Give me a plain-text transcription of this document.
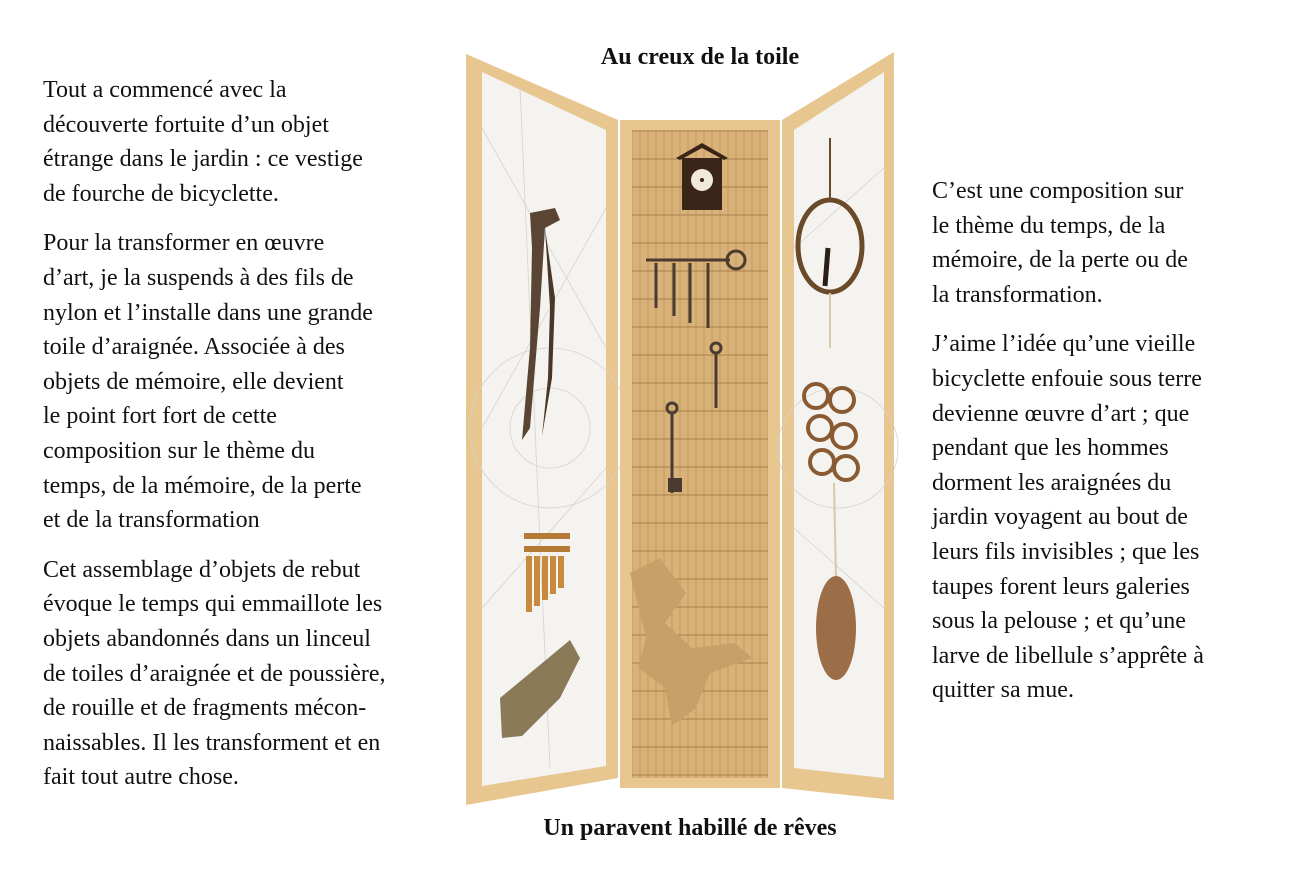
Tout a commencé avec la
découverte fortuite d’un objet
étrange dans le jardin : ce vestige
de fourche de bicyclette.

Pour la transformer en œuvre
d’art, je la suspends à des fils de
nylon et l’installe dans une grande
toile d’araignée. Associée à des
objets de mémoire, elle devient
le point fort fort de cette
composition sur le thème du
temps, de la mémoire, de la perte
et de la transformation

Cet assemblage d’objets de rebut
évoque le temps qui emmaillote les
objets abandonnés dans un linceul
de toiles d’araignée et de poussière,
de rouille et de fragments mécon-
naissables. Il les transforment et en
fait tout autre chose.

Au creux de la toile
Un paravent habillé de rêves

C’est une composition sur
le thème du temps, de la
mémoire, de la perte ou de
la transformation.

J’aime l’idée qu’une vieille
bicyclette enfouie sous terre
devienne œuvre d’art ; que
pendant que les hommes
dorment les araignées du
jardin voyagent au bout de
leurs fils invisibles ; que les
taupes forent leurs galeries
sous la pelouse ; et qu’une
larve de libellule s’apprête à
quitter sa mue.
